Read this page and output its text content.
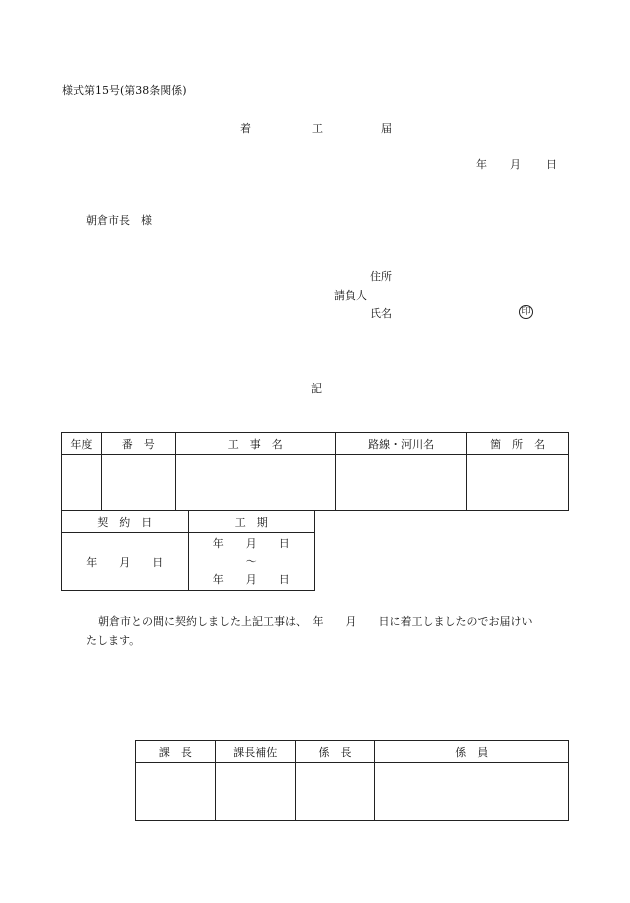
様式第15号(第38条関係)
着	工	届
年 月 日
朝倉市長　様
住所
請負人
氏名	印
記
年度	番　号	工　事　名	路線・河川名	箇　所　名

契　約　日	工　期
年　　月　　日	年　　月　　日
〜
年　　月　　日
朝倉市との間に契約しました上記工事は、　年　　月　　日に着工しましたのでお届けい
たします。
課　長	課長補佐	係　長	係　員
